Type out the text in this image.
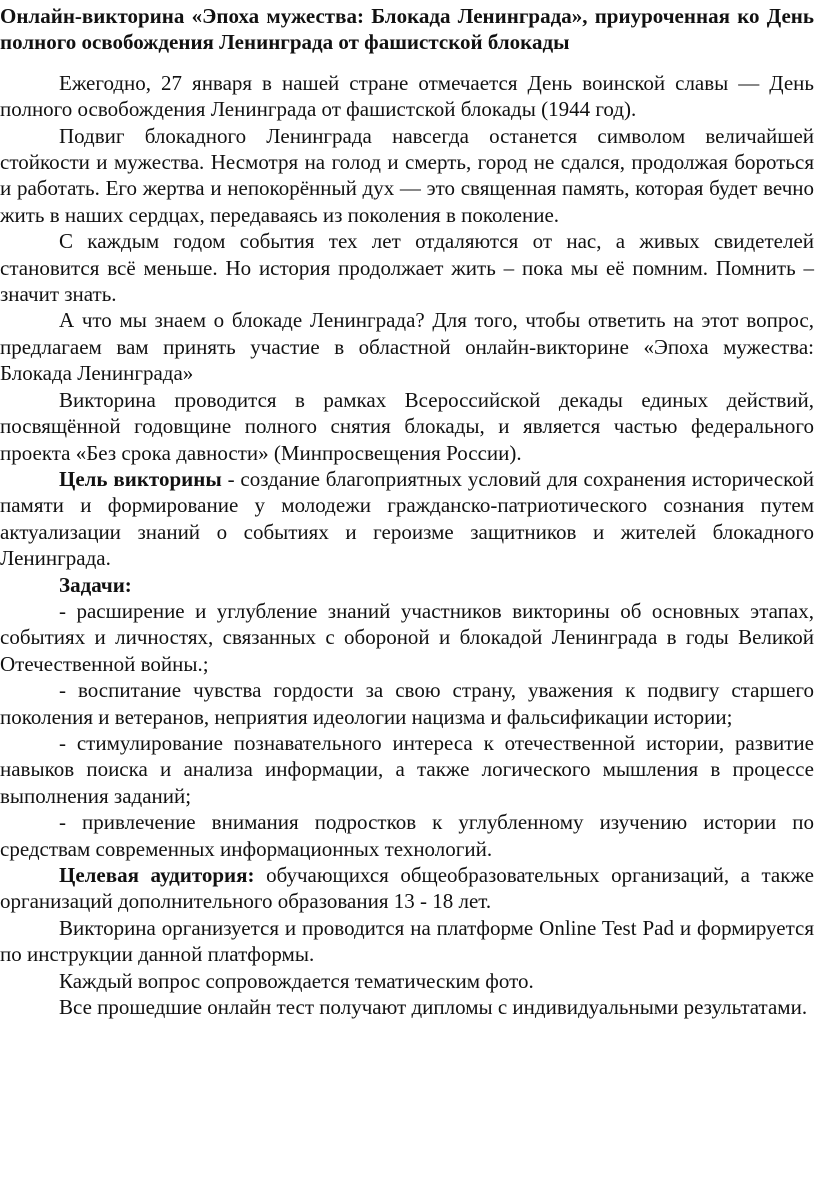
Онлайн-викторина «Эпоха мужества: Блокада Ленинграда», приуроченная ко День полного освобождения Ленинграда от фашистской блокады

Ежегодно, 27 января в нашей стране отмечается День воинской славы — День полного освобождения Ленинграда от фашистской блокады (1944 год).

Подвиг блокадного Ленинграда навсегда останется символом величайшей стойкости и мужества. Несмотря на голод и смерть, город не сдался, продолжая бороться и работать. Его жертва и непокорённый дух — это священная память, которая будет вечно жить в наших сердцах, передаваясь из поколения в поколение.

С каждым годом события тех лет отдаляются от нас, а живых свидетелей становится всё меньше. Но история продолжает жить – пока мы её помним. Помнить – значит знать.

А что мы знаем о блокаде Ленинграда? Для того, чтобы ответить на этот вопрос, предлагаем вам принять участие в областной онлайн-викторине «Эпоха мужества: Блокада Ленинграда»

Викторина проводится в рамках Всероссийской декады единых действий, посвящённой годовщине полного снятия блокады, и является частью федерального проекта «Без срока давности» (Минпросвещения России).

Цель викторины - создание благоприятных условий для сохранения исторической памяти и формирование у молодежи гражданско-патриотического сознания путем актуализации знаний о событиях и героизме защитников и жителей блокадного Ленинграда.

Задачи:

- расширение и углубление знаний участников викторины об основных этапах, событиях и личностях, связанных с обороной и блокадой Ленинграда в годы Великой Отечественной войны.;

- воспитание чувства гордости за свою страну, уважения к подвигу старшего поколения и ветеранов, неприятия идеологии нацизма и фальсификации истории;

- стимулирование познавательного интереса к отечественной истории, развитие навыков поиска и анализа информации, а также логического мышления в процессе выполнения заданий;

- привлечение внимания подростков к углубленному изучению истории по средствам современных информационных технологий.

Целевая аудитория: обучающихся общеобразовательных организаций, а также организаций дополнительного образования 13 - 18 лет.

Викторина организуется и проводится на платформе Online Test Pad и формируется по инструкции данной платформы.

Каждый вопрос сопровождается тематическим фото.

Все прошедшие онлайн тест получают дипломы с индивидуальными результатами.
